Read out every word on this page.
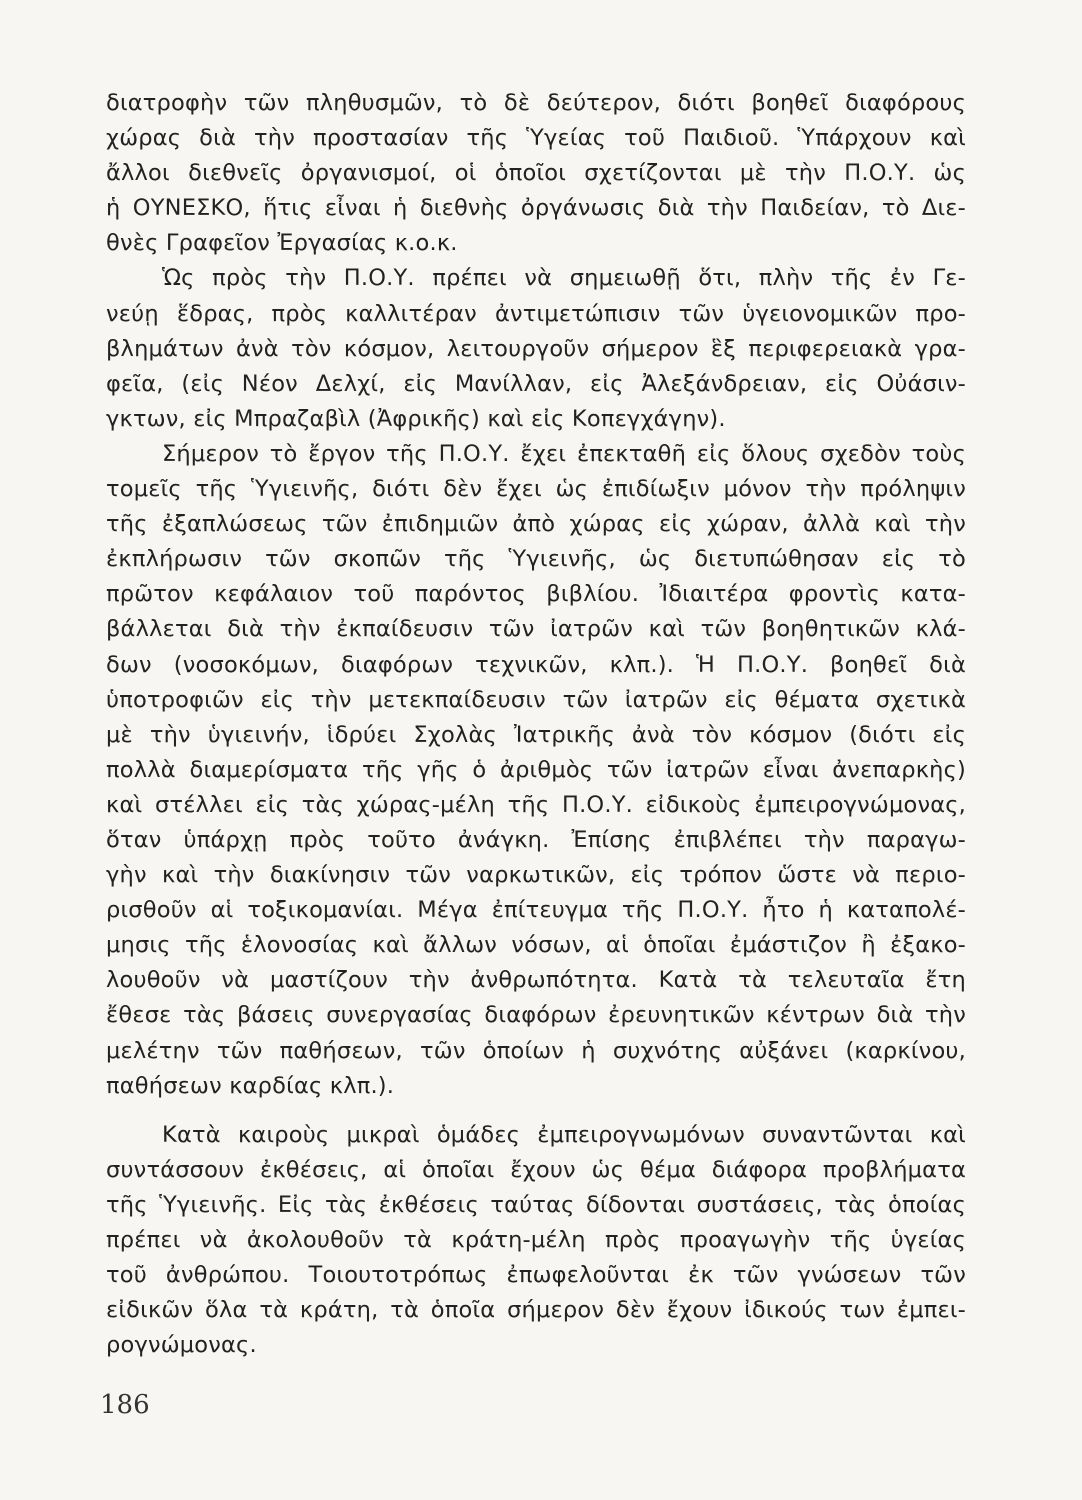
διατροφὴν τῶν πληθυσμῶν, τὸ δὲ δεύτερον, διότι βοηθεῖ διαφόρους
χώρας διὰ τὴν προστασίαν τῆς Ὑγείας τοῦ Παιδιοῦ. Ὑπάρχουν καὶ
ἄλλοι διεθνεῖς ὀργανισμοί, οἱ ὁποῖοι σχετίζονται μὲ τὴν Π.Ο.Υ. ὡς
ἡ ΟΥΝΕΣΚΟ, ἥτις εἶναι ἡ διεθνὴς ὀργάνωσις διὰ τὴν Παιδείαν, τὸ Διε-
θνὲς Γραφεῖον Ἐργασίας κ.ο.κ.
Ὡς πρὸς τὴν Π.Ο.Υ. πρέπει νὰ σημειωθῇ ὅτι, πλὴν τῆς ἐν Γε-
νεύῃ ἕδρας, πρὸς καλλιτέραν ἀντιμετώπισιν τῶν ὑγειονομικῶν προ-
βλημάτων ἀνὰ τὸν κόσμον, λειτουργοῦν σήμερον ἓξ περιφερειακὰ γρα-
φεῖα, (εἰς Νέον Δελχί, εἰς Μανίλλαν, εἰς Ἀλεξάνδρειαν, εἰς Οὐάσιν-
γκτων, εἰς Μπραζαβὶλ (Ἀφρικῆς) καὶ εἰς Κοπεγχάγην).
Σήμερον τὸ ἔργον τῆς Π.Ο.Υ. ἔχει ἐπεκταθῆ εἰς ὅλους σχεδὸν τοὺς
τομεῖς τῆς Ὑγιεινῆς, διότι δὲν ἔχει ὡς ἐπιδίωξιν μόνον τὴν πρόληψιν
τῆς ἐξαπλώσεως τῶν ἐπιδημιῶν ἀπὸ χώρας εἰς χώραν, ἀλλὰ καὶ τὴν
ἐκπλήρωσιν τῶν σκοπῶν τῆς Ὑγιεινῆς, ὡς διετυπώθησαν εἰς τὸ
πρῶτον κεφάλαιον τοῦ παρόντος βιβλίου. Ἰδιαιτέρα φροντὶς κατα-
βάλλεται διὰ τὴν ἐκπαίδευσιν τῶν ἰατρῶν καὶ τῶν βοηθητικῶν κλά-
δων (νοσοκόμων, διαφόρων τεχνικῶν, κλπ.). Ἡ Π.Ο.Υ. βοηθεῖ διὰ
ὑποτροφιῶν εἰς τὴν μετεκπαίδευσιν τῶν ἰατρῶν εἰς θέματα σχετικὰ
μὲ τὴν ὑγιεινήν, ἱδρύει Σχολὰς Ἰατρικῆς ἀνὰ τὸν κόσμον (διότι εἰς
πολλὰ διαμερίσματα τῆς γῆς ὁ ἀριθμὸς τῶν ἰατρῶν εἶναι ἀνεπαρκὴς)
καὶ στέλλει εἰς τὰς χώρας-μέλη τῆς Π.Ο.Υ. εἰδικοὺς ἐμπειρογνώμονας,
ὅταν ὑπάρχῃ πρὸς τοῦτο ἀνάγκη. Ἐπίσης ἐπιβλέπει τὴν παραγω-
γὴν καὶ τὴν διακίνησιν τῶν ναρκωτικῶν, εἰς τρόπον ὥστε νὰ περιο-
ρισθοῦν αἱ τοξικομανίαι. Μέγα ἐπίτευγμα τῆς Π.Ο.Υ. ἦτο ἡ καταπολέ-
μησις τῆς ἑλονοσίας καὶ ἄλλων νόσων, αἱ ὁποῖαι ἐμάστιζον ἢ ἐξακο-
λουθοῦν νὰ μαστίζουν τὴν ἀνθρωπότητα. Κατὰ τὰ τελευταῖα ἔτη
ἔθεσε τὰς βάσεις συνεργασίας διαφόρων ἐρευνητικῶν κέντρων διὰ τὴν
μελέτην τῶν παθήσεων, τῶν ὁποίων ἡ συχνότης αὐξάνει (καρκίνου,
παθήσεων καρδίας κλπ.).
Κατὰ καιροὺς μικραὶ ὁμάδες ἐμπειρογνωμόνων συναντῶνται καὶ
συντάσσουν ἐκθέσεις, αἱ ὁποῖαι ἔχουν ὡς θέμα διάφορα προβλήματα
τῆς Ὑγιεινῆς. Εἰς τὰς ἐκθέσεις ταύτας δίδονται συστάσεις, τὰς ὁποίας
πρέπει νὰ ἀκολουθοῦν τὰ κράτη-μέλη πρὸς προαγωγὴν τῆς ὑγείας
τοῦ ἀνθρώπου. Τοιουτοτρόπως ἐπωφελοῦνται ἐκ τῶν γνώσεων τῶν
εἰδικῶν ὅλα τὰ κράτη, τὰ ὁποῖα σήμερον δὲν ἔχουν ἰδικούς των ἐμπει-
ρογνώμονας.
186
